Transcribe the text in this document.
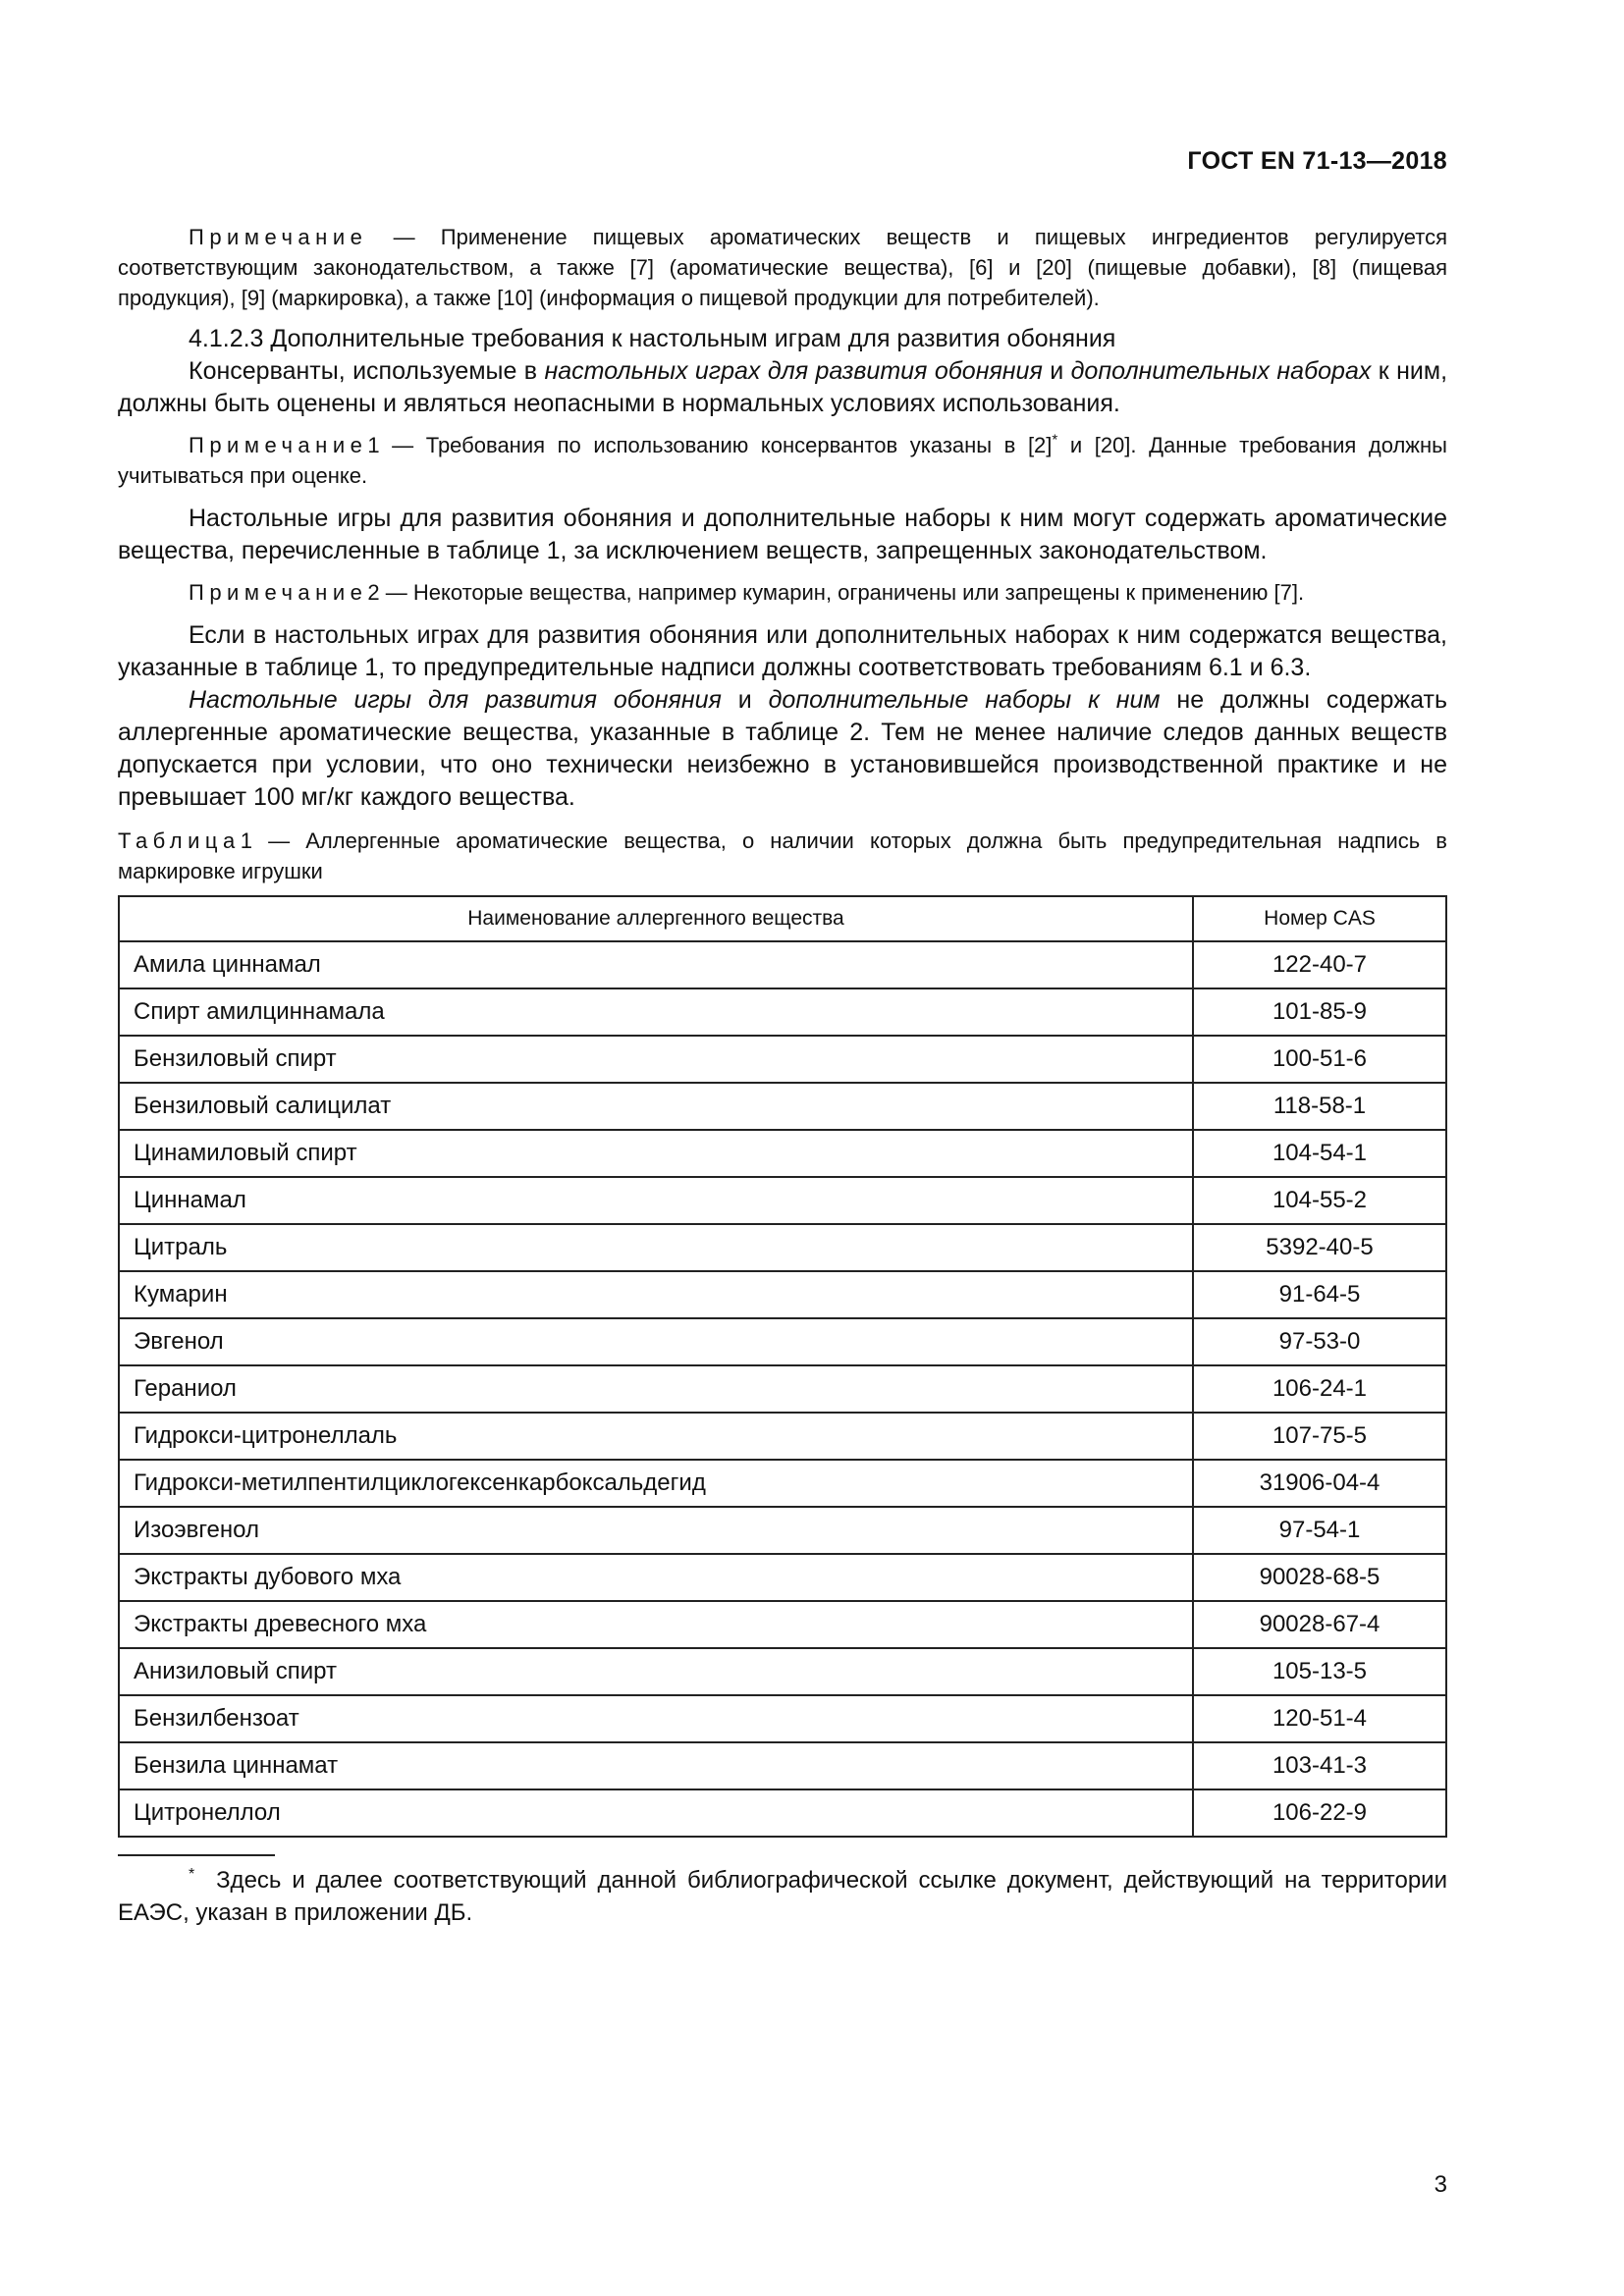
ГОСТ EN 71-13—2018

Примечание — Применение пищевых ароматических веществ и пищевых ингредиентов регулируется соответствующим законодательством, а также [7] (ароматические вещества), [6] и [20] (пищевые добавки), [8] (пищевая продукция), [9] (маркировка), а также [10] (информация о пищевой продукции для потребителей).

4.1.2.3 Дополнительные требования к настольным играм для развития обоняния

Консерванты, используемые в настольных играх для развития обоняния и дополнительных наборах к ним, должны быть оценены и являться неопасными в нормальных условиях использования.

Примечание1 — Требования по использованию консервантов указаны в [2]* и [20]. Данные требования должны учитываться при оценке.

Настольные игры для развития обоняния и дополнительные наборы к ним могут содержать ароматические вещества, перечисленные в таблице 1, за исключением веществ, запрещенных законодательством.

Примечание2 — Некоторые вещества, например кумарин, ограничены или запрещены к применению [7].

Если в настольных играх для развития обоняния или дополнительных наборах к ним содержатся вещества, указанные в таблице 1, то предупредительные надписи должны соответствовать требованиям 6.1 и 6.3.

Настольные игры для развития обоняния и дополнительные наборы к ним не должны содержать аллергенные ароматические вещества, указанные в таблице 2. Тем не менее наличие следов данных веществ допускается при условии, что оно технически неизбежно в установившейся производственной практике и не превышает 100 мг/кг каждого вещества.

Таблица1 — Аллергенные ароматические вещества, о наличии которых должна быть предупредительная надпись в маркировке игрушки

Наименование аллергенного вещества	Номер CAS
Амила циннамал	122-40-7
Спирт амилциннамала	101-85-9
Бензиловый спирт	100-51-6
Бензиловый салицилат	118-58-1
Цинамиловый спирт	104-54-1
Циннамал	104-55-2
Цитраль	5392-40-5
Кумарин	91-64-5
Эвгенол	97-53-0
Гераниол	106-24-1
Гидрокси-цитронеллаль	107-75-5
Гидрокси-метилпентилциклогексенкарбоксальдегид	31906-04-4
Изоэвгенол	97-54-1
Экстракты дубового мха	90028-68-5
Экстракты древесного мха	90028-67-4
Анизиловый спирт	105-13-5
Бензилбензоат	120-51-4
Бензила циннамат	103-41-3
Цитронеллол	106-22-9

* Здесь и далее соответствующий данной библиографической ссылке документ, действующий на территории ЕАЭС, указан в приложении ДБ.

3
